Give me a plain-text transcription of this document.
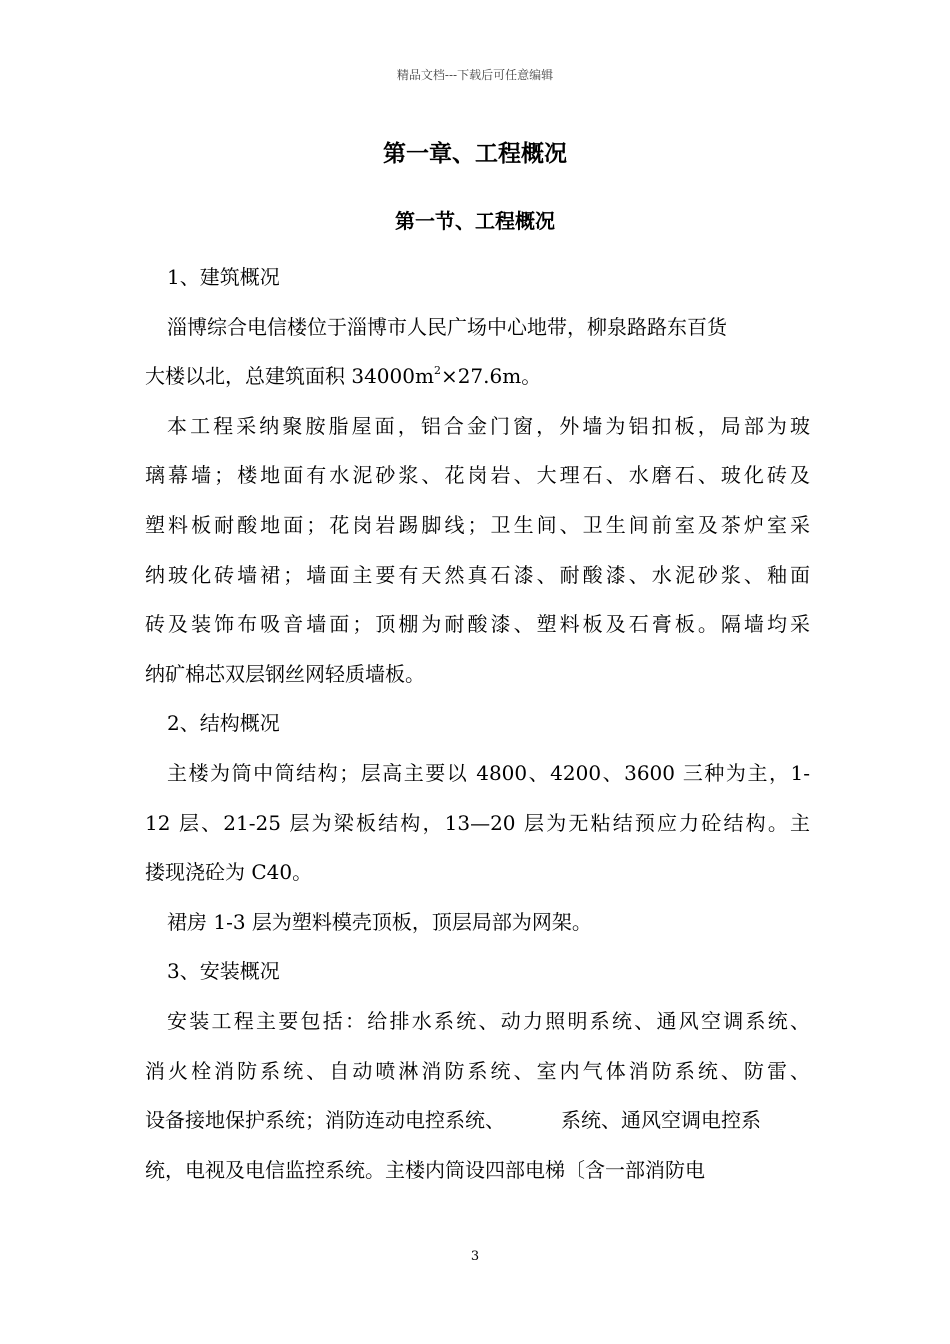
精品文档---下载后可任意编辑
第一章、工程概况
第一节、工程概况

1、建筑概况

淄博综合电信楼位于淄博市人民广场中心地带，柳泉路路东百货
大楼以北，总建筑面积 $34000m^2\times 27.6m$。

本工程采纳聚胺脂屋面，铝合金门窗，外墙为铝扣板，局部为玻
璃幕墙；楼地面有水泥砂浆、花岗岩、大理石、水磨石、玻化砖及
塑料板耐酸地面；花岗岩踢脚线；卫生间、卫生间前室及茶炉室采
纳玻化砖墙裙；墙面主要有天然真石漆、耐酸漆、水泥砂浆、釉面
砖及装饰布吸音墙面；顶棚为耐酸漆、塑料板及石膏板。隔墙均采
纳矿棉芯双层钢丝网轻质墙板。

2、结构概况

主楼为筒中筒结构；层高主要以 4800、4200、3600 三种为主，1-
12 层、21-25 层为梁板结构，13—20 层为无粘结预应力砼结构。主
搂现浇砼为 C40。

裙房 1-3 层为塑料模壳顶板，顶层局部为网架。

3、安装概况

安装工程主要包括：给排水系统、动力照明系统、通风空调系统、
消火栓消防系统、自动喷淋消防系统、室内气体消防系统、防雷、
设备接地保护系统；消防连动电控系统、	系统、通风空调电控系
统，电视及电信监控系统。主楼内筒设四部电梯〔含一部消防电

3
